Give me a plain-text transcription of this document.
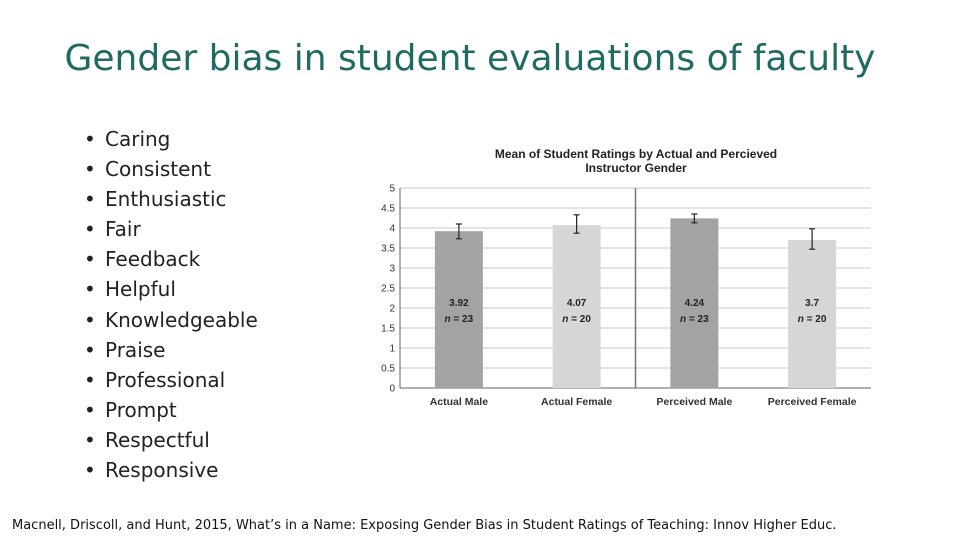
Gender bias in student evaluations of faculty
• Caring
• Consistent
• Enthusiastic
• Fair
• Feedback
• Helpful
• Knowledgeable
• Praise
• Professional
• Prompt
• Respectful
• Responsive
Mean of Student Ratings by Actual and Percieved
Instructor Gender
0
0.5
1
1.5
2
2.5
3
3.5
4
4.5
5
3.92
n = 23
Actual Male
4.07
n = 20
Actual Female
4.24
n = 23
Perceived Male
3.7
n = 20
Perceived Female
Macnell, Driscoll, and Hunt, 2015, What’s in a Name: Exposing Gender Bias in Student Ratings of Teaching: Innov Higher Educ.
